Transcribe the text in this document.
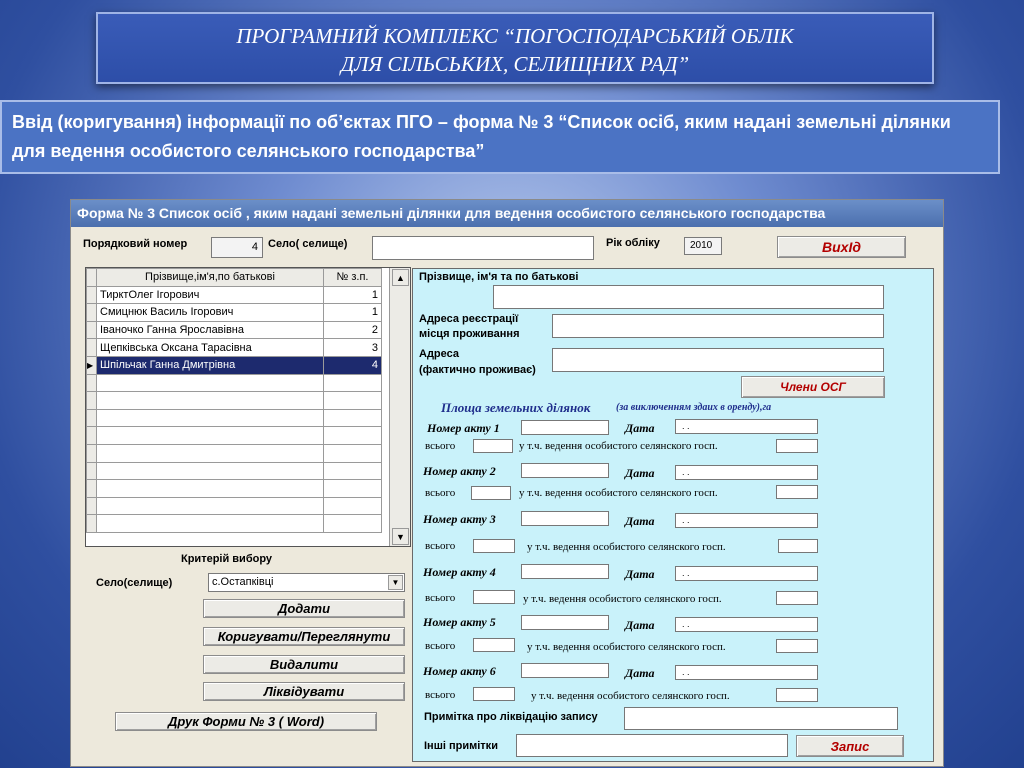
ПРОГРАМНИЙ КОМПЛЕКС “ПОГОСПОДАРСЬКИЙ ОБЛІК
ДЛЯ СІЛЬСЬКИХ, СЕЛИЩНИХ РАД”
Ввід (коригування) інформації по об’єктах ПГО – форма № 3 “Список осіб, яким надані земельні ділянки для ведення особистого селянського господарства”
Форма № 3 Список осіб , яким надані земельні ділянки для ведення особистого селянського господарства
Порядковий номер	4 Село( селище)	Рік обліку	2010	ВихІд
	Прізвище,ім'я,по батькові	№ з.п.
	ТирктОлег Ігорович	1
	Смицнюк Василь Ігорович	1
	Іваночко Ганна Ярославівна	2
	Щепківська Оксана Тарасівна	3
▶	Шпільчак Ганна Дмитрівна	4

▲
▼
Критерій вибору
Село(селище)	с.Остапківці	▼
Додати
Коригувати/Переглянути
Видалити
Ліквідувати
Друк Форми № 3 ( Word)
Прізвище, ім'я та по батькові
Адреса реєстрації
місця проживання
Адреса
(фактично проживає)
Члени ОСГ
Площа земельних ділянок	(за виключенням здаиx в оренду),га
Номер акту 1	Дата	. .
всього	у т.ч. ведення особистого селянского госп.
Номер акту 2	Дата	. .
всього	у т.ч. ведення особистого селянского госп.
Номер акту 3	Дата	. .
всього	у т.ч. ведення особистого селянского госп.
Номер акту 4	Дата	. .
всього	у т.ч. ведення особистого селянского госп.
Номер акту 5	Дата	. .
всього	у т.ч. ведення особистого селянского госп.
Номер акту 6	Дата	. .
всього	у т.ч. ведення особистого селянского госп.
Примітка про ліквідацію запису
Інші примітки	Запис
